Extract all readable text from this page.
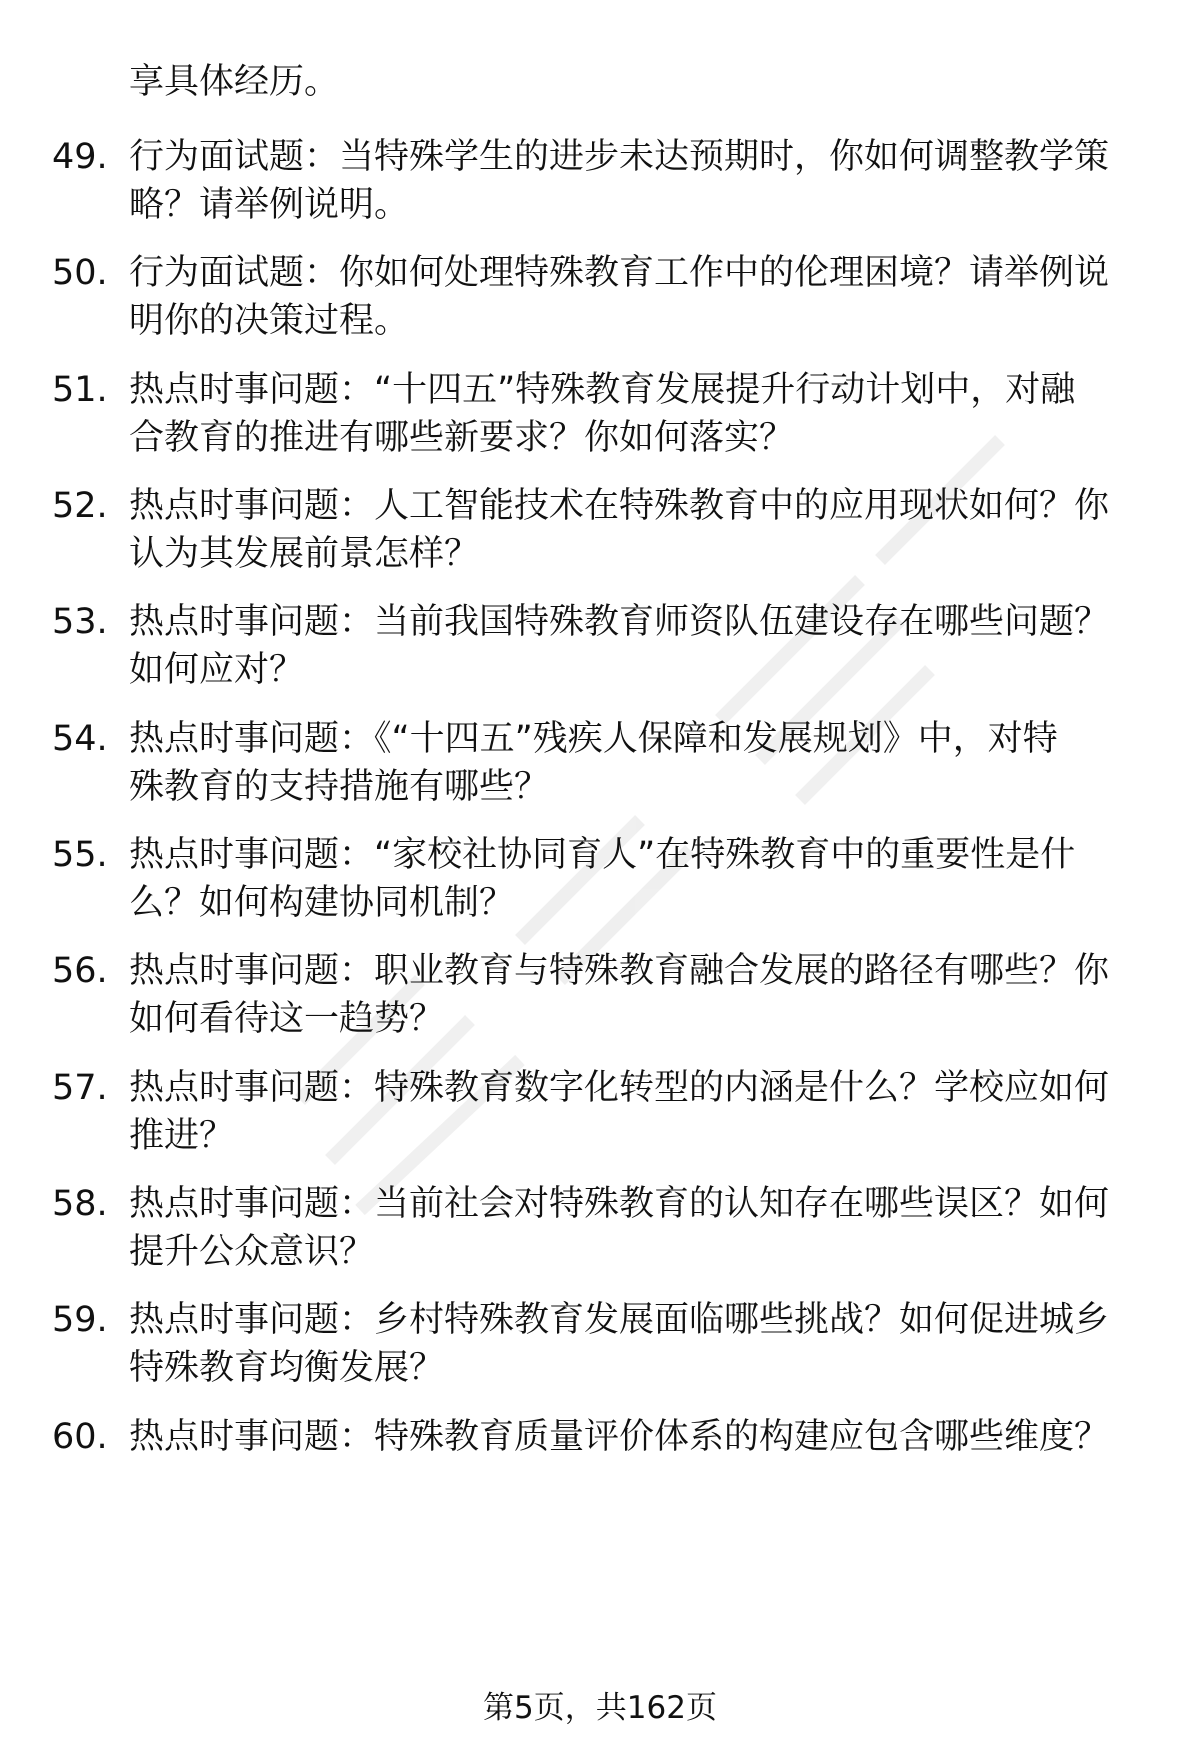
享具体经历。
49. 行为面试题：当特殊学生的进步未达预期时，你如何调整教学策
略？请举例说明。
50. 行为面试题：你如何处理特殊教育工作中的伦理困境？请举例说
明你的决策过程。
51. 热点时事问题：“十四五”特殊教育发展提升行动计划中，对融
合教育的推进有哪些新要求？你如何落实？
52. 热点时事问题：人工智能技术在特殊教育中的应用现状如何？你
认为其发展前景怎样？
53. 热点时事问题：当前我国特殊教育师资队伍建设存在哪些问题？
如何应对？
54. 热点时事问题：《“十四五”残疾人保障和发展规划》中，对特
殊教育的支持措施有哪些？
55. 热点时事问题：“家校社协同育人”在特殊教育中的重要性是什
么？如何构建协同机制？
56. 热点时事问题：职业教育与特殊教育融合发展的路径有哪些？你
如何看待这一趋势？
57. 热点时事问题：特殊教育数字化转型的内涵是什么？学校应如何
推进？
58. 热点时事问题：当前社会对特殊教育的认知存在哪些误区？如何
提升公众意识？
59. 热点时事问题：乡村特殊教育发展面临哪些挑战？如何促进城乡
特殊教育均衡发展？
60. 热点时事问题：特殊教育质量评价体系的构建应包含哪些维度？
第5页，共162页
